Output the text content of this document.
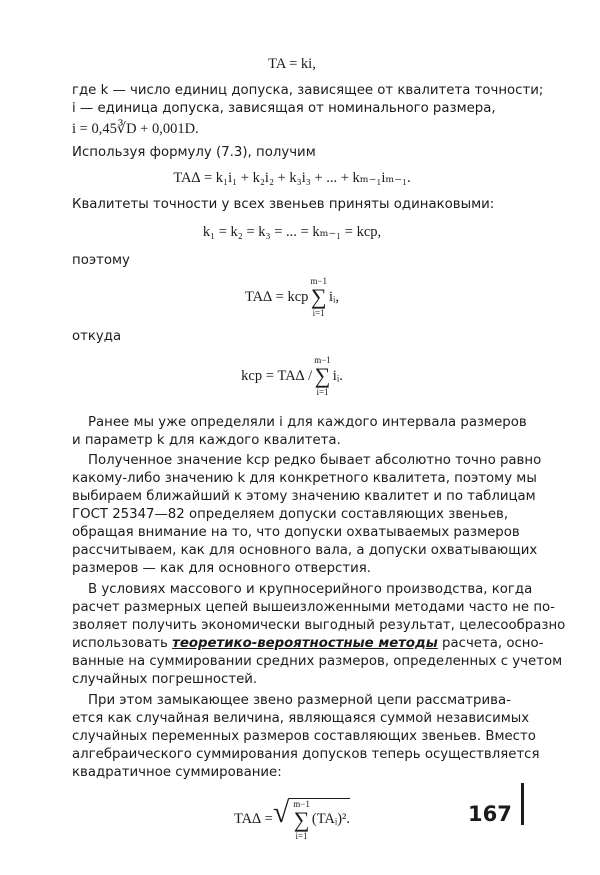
TA = ki,
где k — число единиц допуска, зависящее от квалитета точности;
i — единица допуска, зависящая от номинального размера,
i = 0,45∛D + 0,001D.
Используя формулу (7.3), получим
TA∆ = k₁i₁ + k₂i₂ + k₃i₃ + ... + kₘ₋₁iₘ₋₁.
Квалитеты точности у всех звеньев приняты одинаковыми:
k₁ = k₂ = k₃ = ... = kₘ₋₁ = kср,
поэтому
TA∆ = kср
m−1
∑
i=1
iᵢ,
откуда
kср = TA∆ /
m−1
∑
i=1
iᵢ.
Ранее мы уже определяли i для каждого интервала размеров
и параметр k для каждого квалитета.
Полученное значение kср редко бывает абсолютно точно равно
какому-либо значению k для конкретного квалитета, поэтому мы
выбираем ближайший к этому значению квалитет и по таблицам
ГОСТ 25347—82 определяем допуски составляющих звеньев,
обращая внимание на то, что допуски охватываемых размеров
рассчитываем, как для основного вала, а допуски охватывающих
размеров — как для основного отверстия.
В условиях массового и крупносерийного производства, когда
расчет размерных цепей вышеизложенными методами часто не по-
зволяет получить экономически выгодный результат, целесообразно
использовать теоретико-вероятностные методы расчета, осно-
ванные на суммировании средних размеров, определенных с учетом
случайных погрешностей.
При этом замыкающее звено размерной цепи рассматрива-
ется как случайная величина, являющаяся суммой независимых
случайных переменных размеров составляющих звеньев. Вместо
алгебраического суммирования допусков теперь осуществляется
квадратичное суммирование:
TA∆ = √ m−1
∑
i=1
(TAᵢ)².	167
